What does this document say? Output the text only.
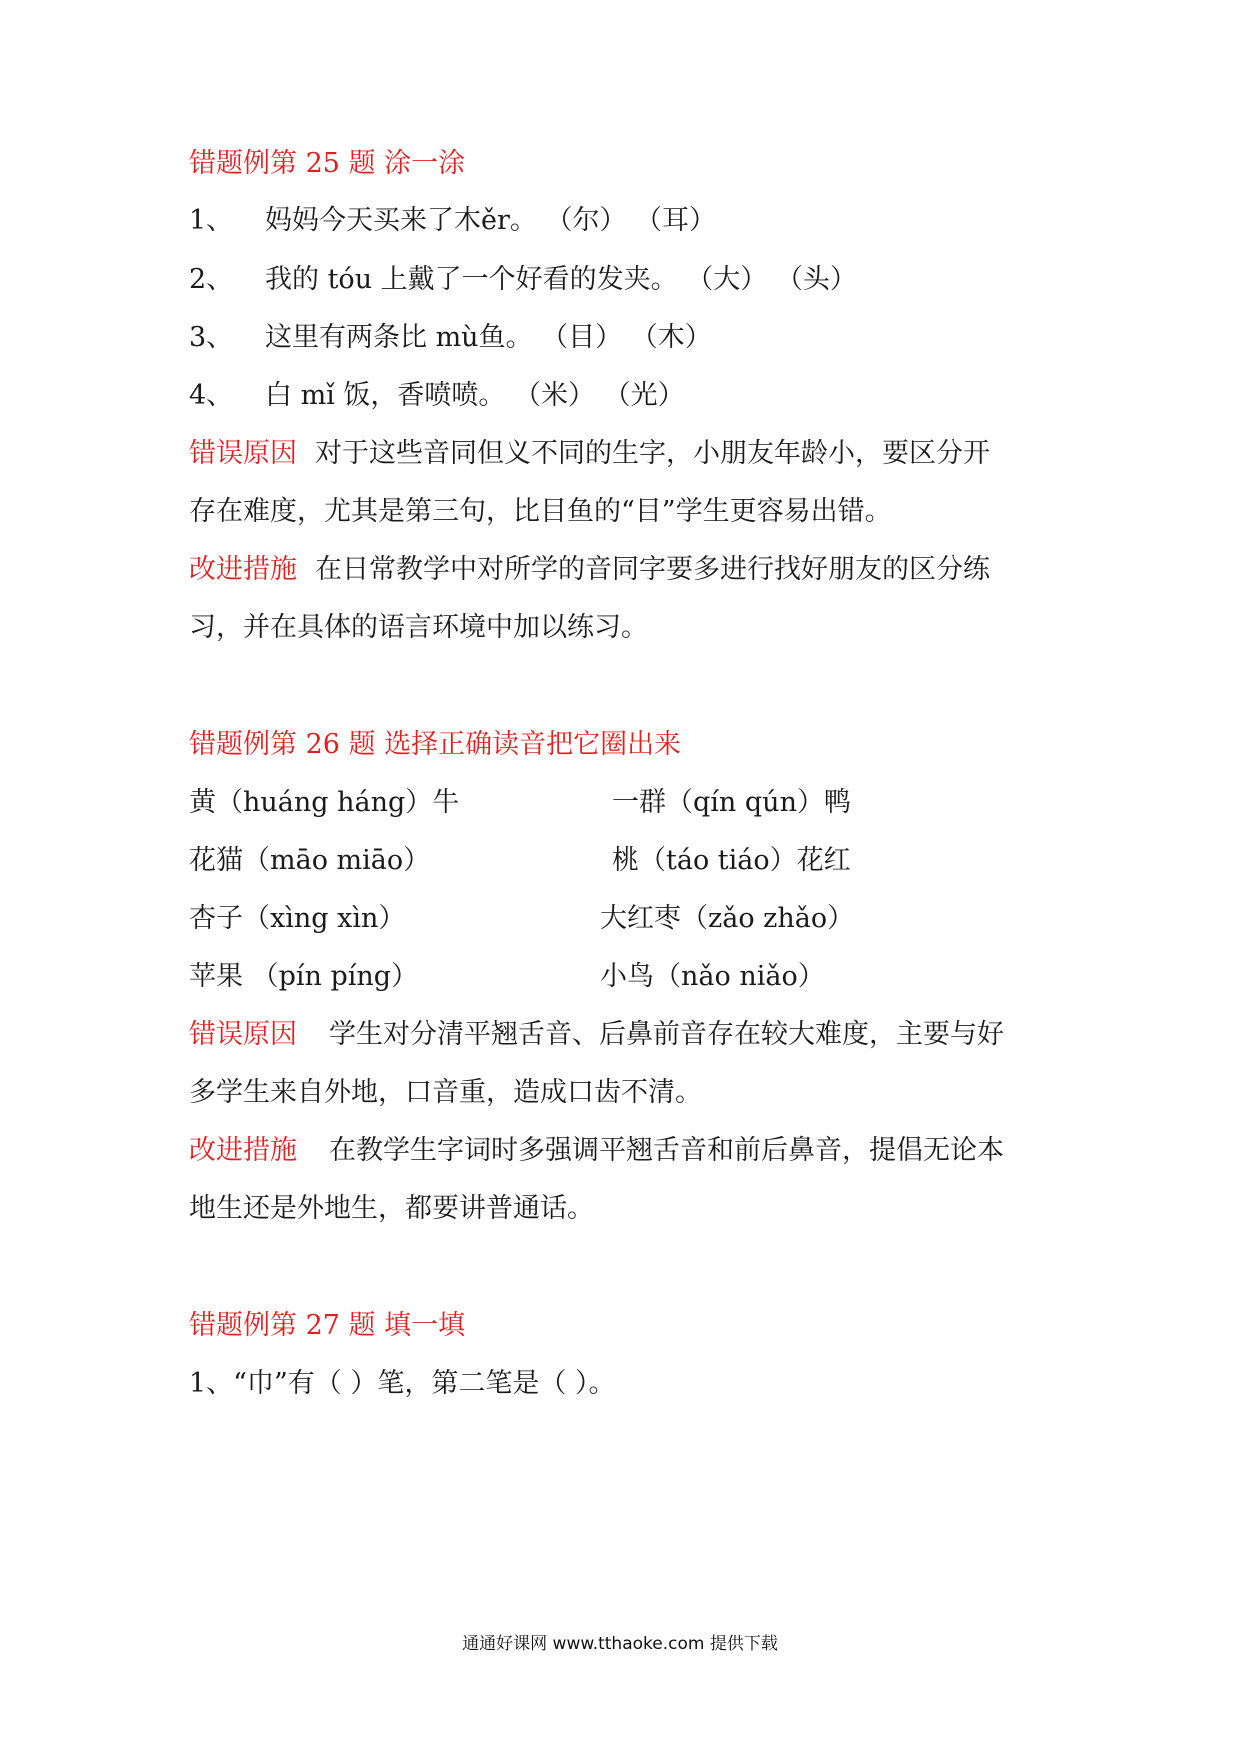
错题例第 25 题 涂一涂
1、 妈妈今天买来了木ěr。 （尔） （耳）
2、 我的 tóu 上戴了一个好看的发夹。 （大） （头）
3、 这里有两条比 mù鱼。 （目） （木）
4、 白 mǐ 饭，香喷喷。 （米） （光）
错误原因 对于这些音同但义不同的生字，小朋友年龄小，要区分开
存在难度，尤其是第三句，比目鱼的“目”学生更容易出错。
改进措施 在日常教学中对所学的音同字要多进行找好朋友的区分练
习，并在具体的语言环境中加以练习。
错题例第 26 题 选择正确读音把它圈出来
黄（huáng háng）牛	一群（qín qún）鸭
花猫（māo miāo）	桃（táo tiáo）花红
杏子（xìng xìn）	大红枣（zǎo zhǎo）
苹果 （pín píng）	小鸟（nǎo niǎo）
错误原因 学生对分清平翘舌音、后鼻前音存在较大难度，主要与好
多学生来自外地，口音重，造成口齿不清。
改进措施 在教学生字词时多强调平翘舌音和前后鼻音，提倡无论本
地生还是外地生，都要讲普通话。
错题例第 27 题 填一填
1、“巾”有（ ）笔，第二笔是（ ）。
通通好课网 www.tthaoke.com 提供下载
